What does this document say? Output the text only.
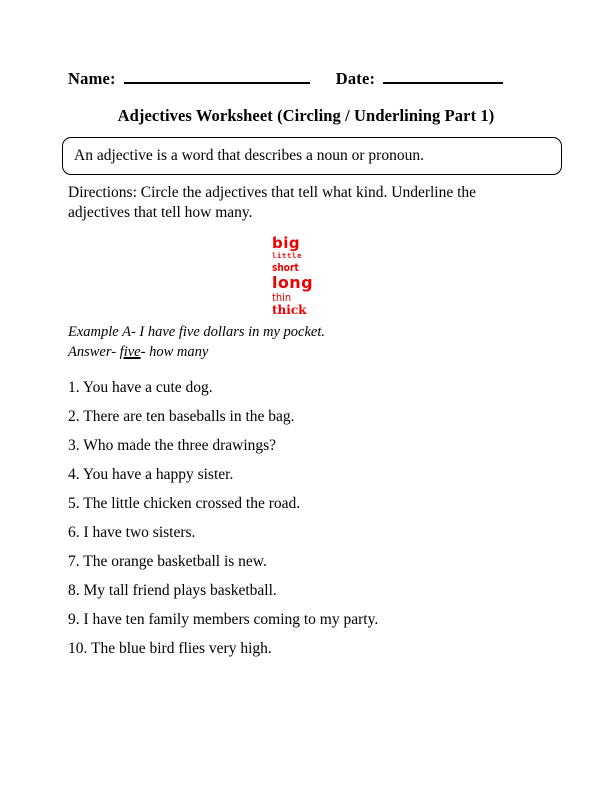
Name:	Date:
Adjectives Worksheet (Circling / Underlining Part 1)
An adjective is a word that describes a noun or pronoun.
Directions: Circle the adjectives that tell what kind. Underline the adjectives that tell how many.
big
little
short
long
thin
thick
Example A- I have five dollars in my pocket.
Answer- five- how many
1. You have a cute dog.
2. There are ten baseballs in the bag.
3. Who made the three drawings?
4. You have a happy sister.
5. The little chicken crossed the road.
6. I have two sisters.
7. The orange basketball is new.
8. My tall friend plays basketball.
9. I have ten family members coming to my party.
10. The blue bird flies very high.
